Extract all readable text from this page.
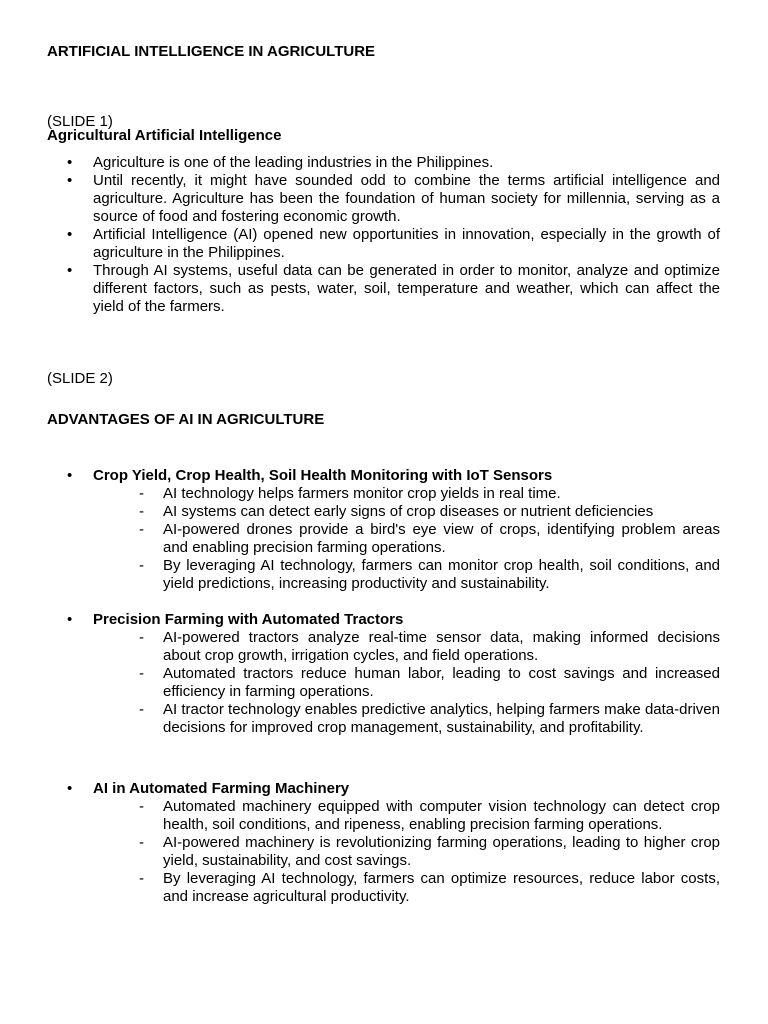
ARTIFICIAL INTELLIGENCE IN AGRICULTURE

(SLIDE 1)

Agricultural Artificial Intelligence

• Agriculture is one of the leading industries in the Philippines.
• Until recently, it might have sounded odd to combine the terms artificial intelligence and agriculture. Agriculture has been the foundation of human society for millennia, serving as a source of food and fostering economic growth.
• Artificial Intelligence (AI) opened new opportunities in innovation, especially in the growth of agriculture in the Philippines.
• Through AI systems, useful data can be generated in order to monitor, analyze and optimize different factors, such as pests, water, soil, temperature and weather, which can affect the yield of the farmers.

(SLIDE 2)

ADVANTAGES OF AI IN AGRICULTURE

• Crop Yield, Crop Health, Soil Health Monitoring with IoT Sensors
- AI technology helps farmers monitor crop yields in real time.
- AI systems can detect early signs of crop diseases or nutrient deficiencies
- AI-powered drones provide a bird's eye view of crops, identifying problem areas and enabling precision farming operations.
- By leveraging AI technology, farmers can monitor crop health, soil conditions, and yield predictions, increasing productivity and sustainability.
• Precision Farming with Automated Tractors
- AI-powered tractors analyze real-time sensor data, making informed decisions about crop growth, irrigation cycles, and field operations.
- Automated tractors reduce human labor, leading to cost savings and increased efficiency in farming operations.
- AI tractor technology enables predictive analytics, helping farmers make data-driven decisions for improved crop management, sustainability, and profitability.
• AI in Automated Farming Machinery
- Automated machinery equipped with computer vision technology can detect crop health, soil conditions, and ripeness, enabling precision farming operations.
- AI-powered machinery is revolutionizing farming operations, leading to higher crop yield, sustainability, and cost savings.
- By leveraging AI technology, farmers can optimize resources, reduce labor costs, and increase agricultural productivity.
